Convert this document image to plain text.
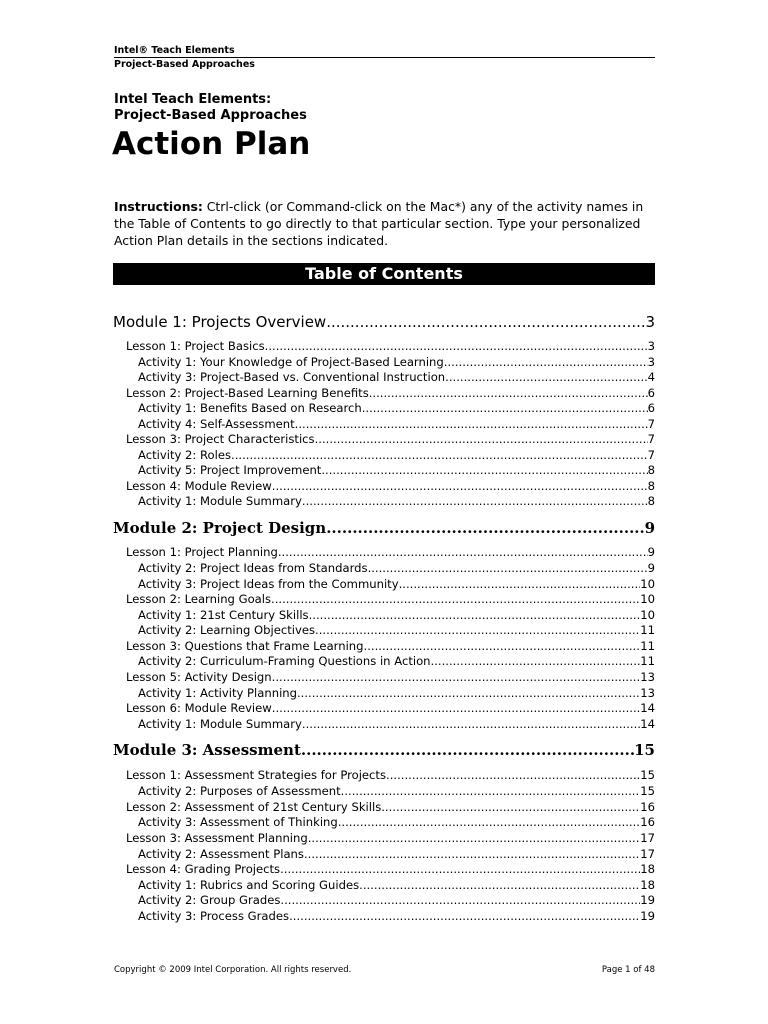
Intel® Teach Elements
Project-Based Approaches
Intel Teach Elements:
Project-Based Approaches
Action Plan
Instructions: Ctrl-click (or Command-click on the Mac*) any of the activity names in the Table of Contents to go directly to that particular section. Type your personalized Action Plan details in the sections indicated.
Table of Contents
Module 1: Projects Overview .....	3
Lesson 1: Project Basics .....	3
Activity 1: Your Knowledge of Project-Based Learning .....	3
Activity 3: Project-Based vs. Conventional Instruction .....	4
Lesson 2: Project-Based Learning Benefits .....	6
Activity 1: Benefits Based on Research .....	6
Activity 4: Self-Assessment .....	7
Lesson 3: Project Characteristics .....	7
Activity 2: Roles .....	7
Activity 5: Project Improvement .....	8
Lesson 4: Module Review .....	8
Activity 1: Module Summary .....	8
Module 2: Project Design .....	9
Lesson 1: Project Planning .....	9
Activity 2: Project Ideas from Standards .....	9
Activity 3: Project Ideas from the Community .....	10
Lesson 2: Learning Goals .....	10
Activity 1: 21st Century Skills .....	10
Activity 2: Learning Objectives .....	11
Lesson 3: Questions that Frame Learning .....	11
Activity 2: Curriculum-Framing Questions in Action .....	11
Lesson 5: Activity Design .....	13
Activity 1: Activity Planning .....	13
Lesson 6: Module Review .....	14
Activity 1: Module Summary .....	14
Module 3: Assessment .....	15
Lesson 1: Assessment Strategies for Projects .....	15
Activity 2: Purposes of Assessment .....	15
Lesson 2: Assessment of 21st Century Skills .....	16
Activity 3: Assessment of Thinking .....	16
Lesson 3: Assessment Planning .....	17
Activity 2: Assessment Plans .....	17
Lesson 4: Grading Projects .....	18
Activity 1: Rubrics and Scoring Guides .....	18
Activity 2: Group Grades .....	19
Activity 3: Process Grades .....	19
Copyright © 2009 Intel Corporation. All rights reserved.	Page 1 of 48
